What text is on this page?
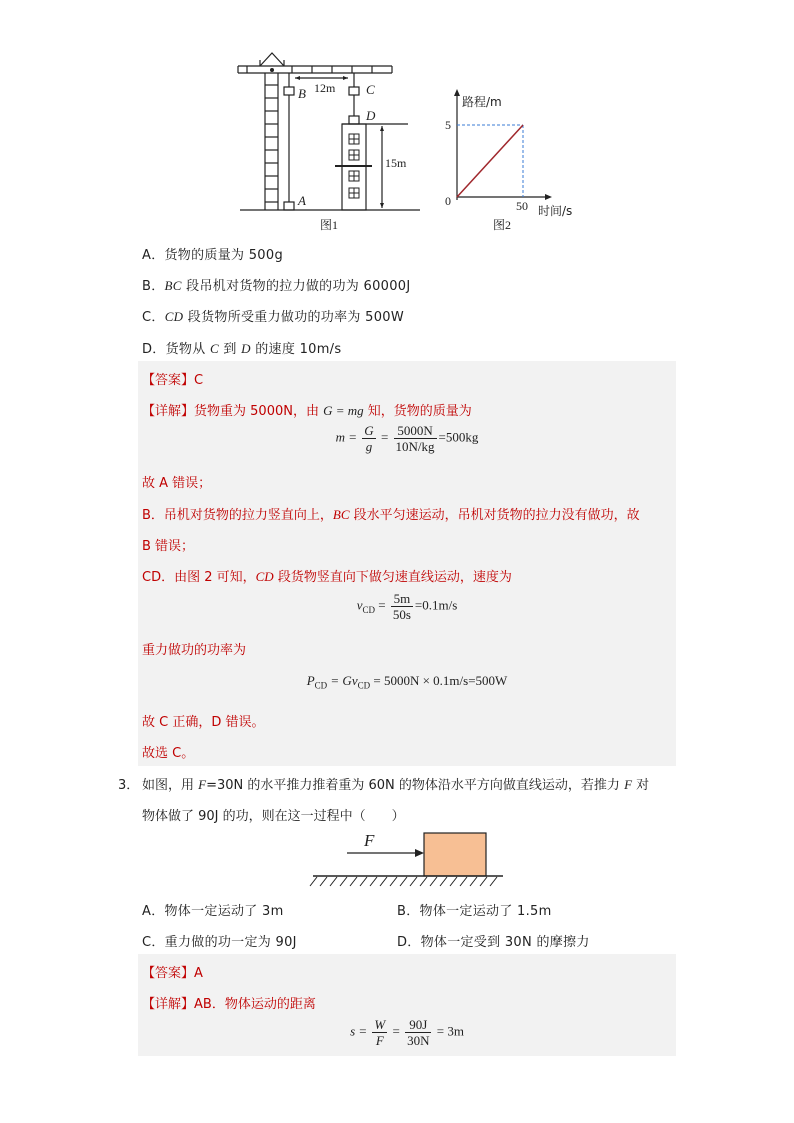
B	C
D
A
12m
15m
图1
路程/m
5
0	50 时间/s
图2
A．货物的质量为 500g
B．BC 段吊机对货物的拉力做的功为 60000J
C．CD 段货物所受重力做功的功率为 500W
D．货物从 C 到 D 的速度 10m/s
【答案】C
【详解】货物重为 5000N，由 G = mg 知，货物的质量为
$m = \frac{G}{g} = \frac{5000N}{10N/kg} =500kg$
故 A 错误；
B．吊机对货物的拉力竖直向上，BC 段水平匀速运动，吊机对货物的拉力没有做功，故
B 错误；
CD．由图 2 可知，CD 段货物竖直向下做匀速直线运动，速度为
$v_{CD} = \frac{5m}{50s} =0.1m/s$
重力做功的功率为
$P_{CD} = Gv_{CD} = 5000N \times 0.1m/s=500W$
故 C 正确，D 错误。
故选 C。
3． 如图，用 F=30N 的水平推力推着重为 60N 的物体沿水平方向做直线运动，若推力 F 对
物体做了 90J 的功，则在这一过程中（　　）
F
A．物体一定运动了 3m	B．物体一定运动了 1.5m
C．重力做的功一定为 90J	D．物体一定受到 30N 的摩擦力
【答案】A
【详解】AB．物体运动的距离
$s = \frac{W}{F} = \frac{90J}{30N} = 3m$
